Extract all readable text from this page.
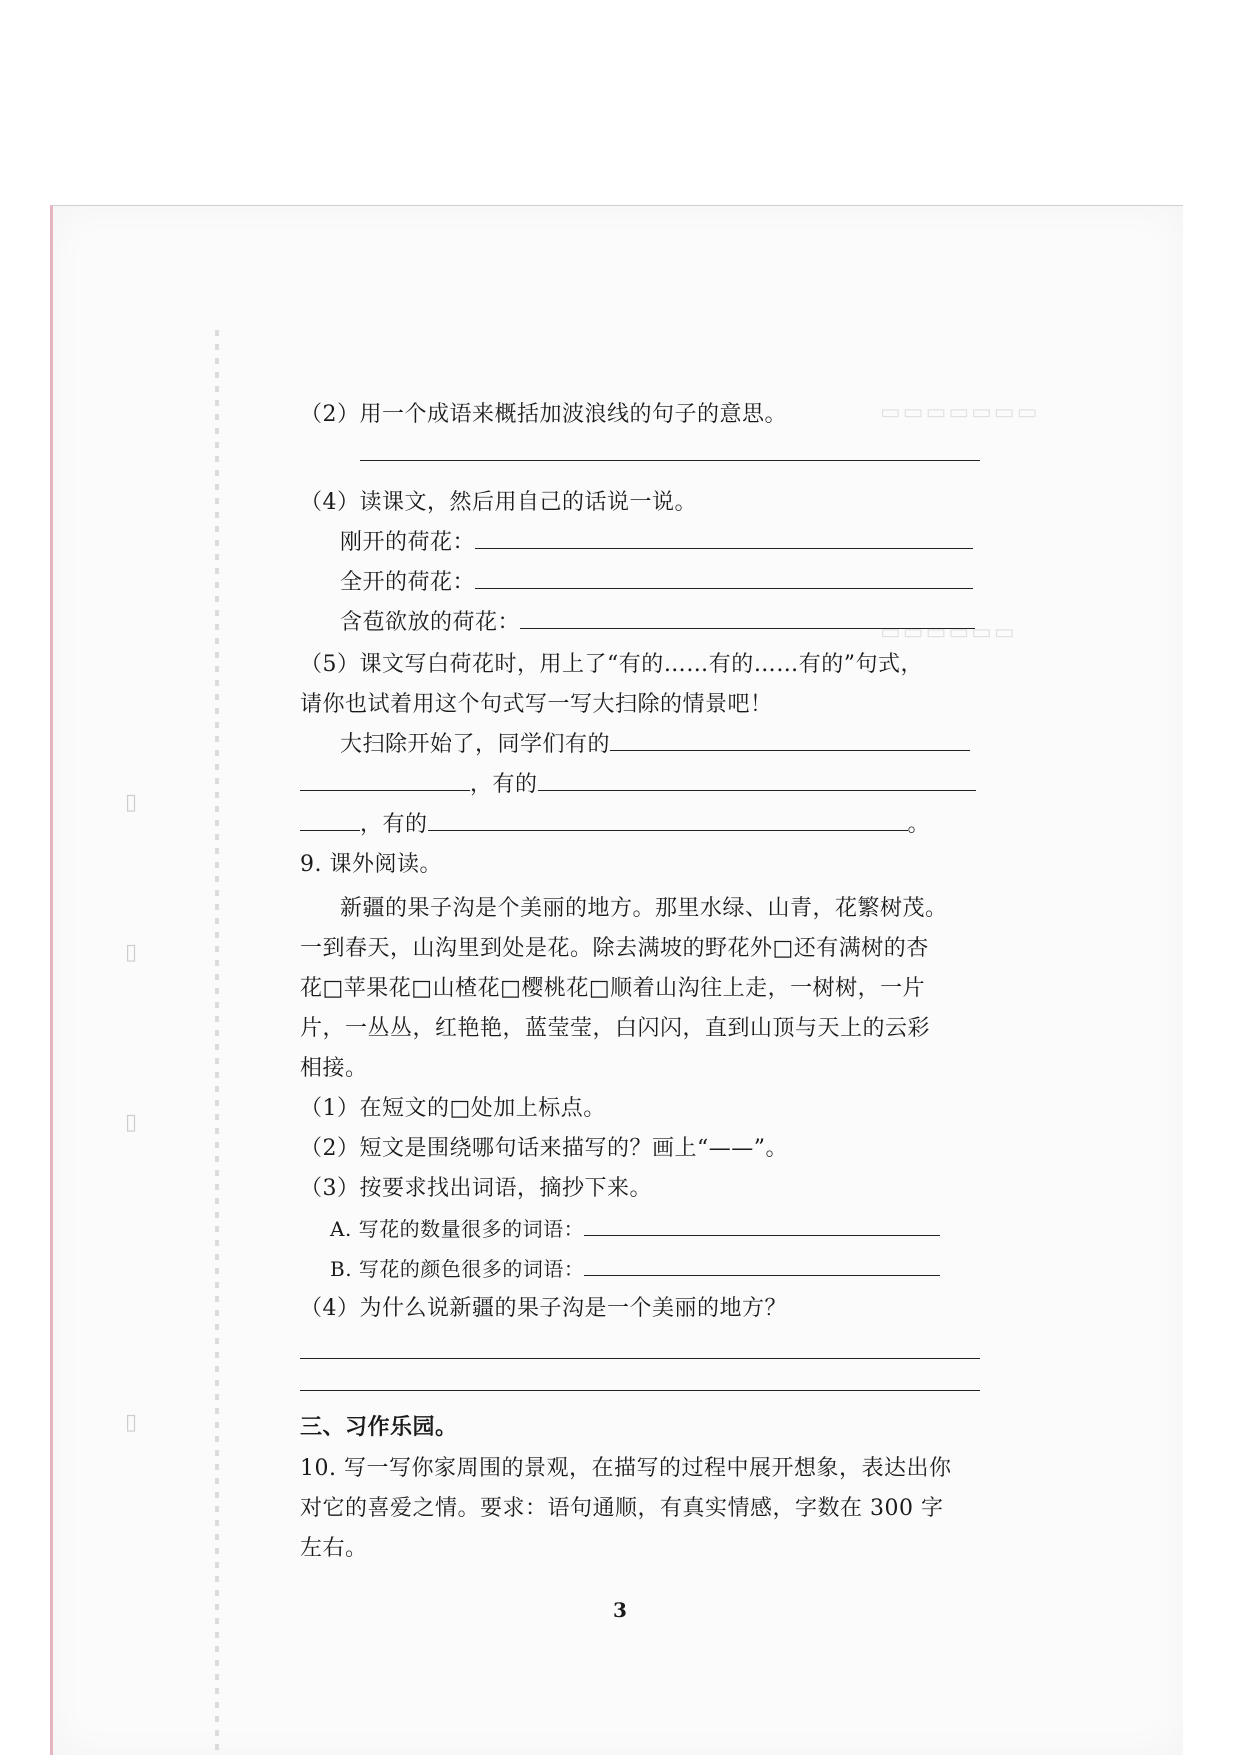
▯
▯
▯
▯
▭▭▭▭▭▭▭
▭▭▭▭▭▭
（2）用一个成语来概括加波浪线的句子的意思。
（4）读课文，然后用自己的话说一说。
刚开的荷花：
全开的荷花：
含苞欲放的荷花：
（5）课文写白荷花时，用上了“有的……有的……有的”句式，
请你也试着用这个句式写一写大扫除的情景吧！
大扫除开始了，同学们有的
，有的
，有的	。
9. 课外阅读。
新疆的果子沟是个美丽的地方。那里水绿、山青，花繁树茂。
一到春天，山沟里到处是花。除去满坡的野花外□还有满树的杏
花□苹果花□山楂花□樱桃花□顺着山沟往上走，一树树，一片
片，一丛丛，红艳艳，蓝莹莹，白闪闪，直到山顶与天上的云彩
相接。
（1）在短文的□处加上标点。
（2）短文是围绕哪句话来描写的？画上“——”。
（3）按要求找出词语，摘抄下来。
A. 写花的数量很多的词语：
B. 写花的颜色很多的词语：
（4）为什么说新疆的果子沟是一个美丽的地方？
三、习作乐园。
10. 写一写你家周围的景观，在描写的过程中展开想象，表达出你
对它的喜爱之情。要求：语句通顺，有真实情感，字数在 300 字
左右。
3
